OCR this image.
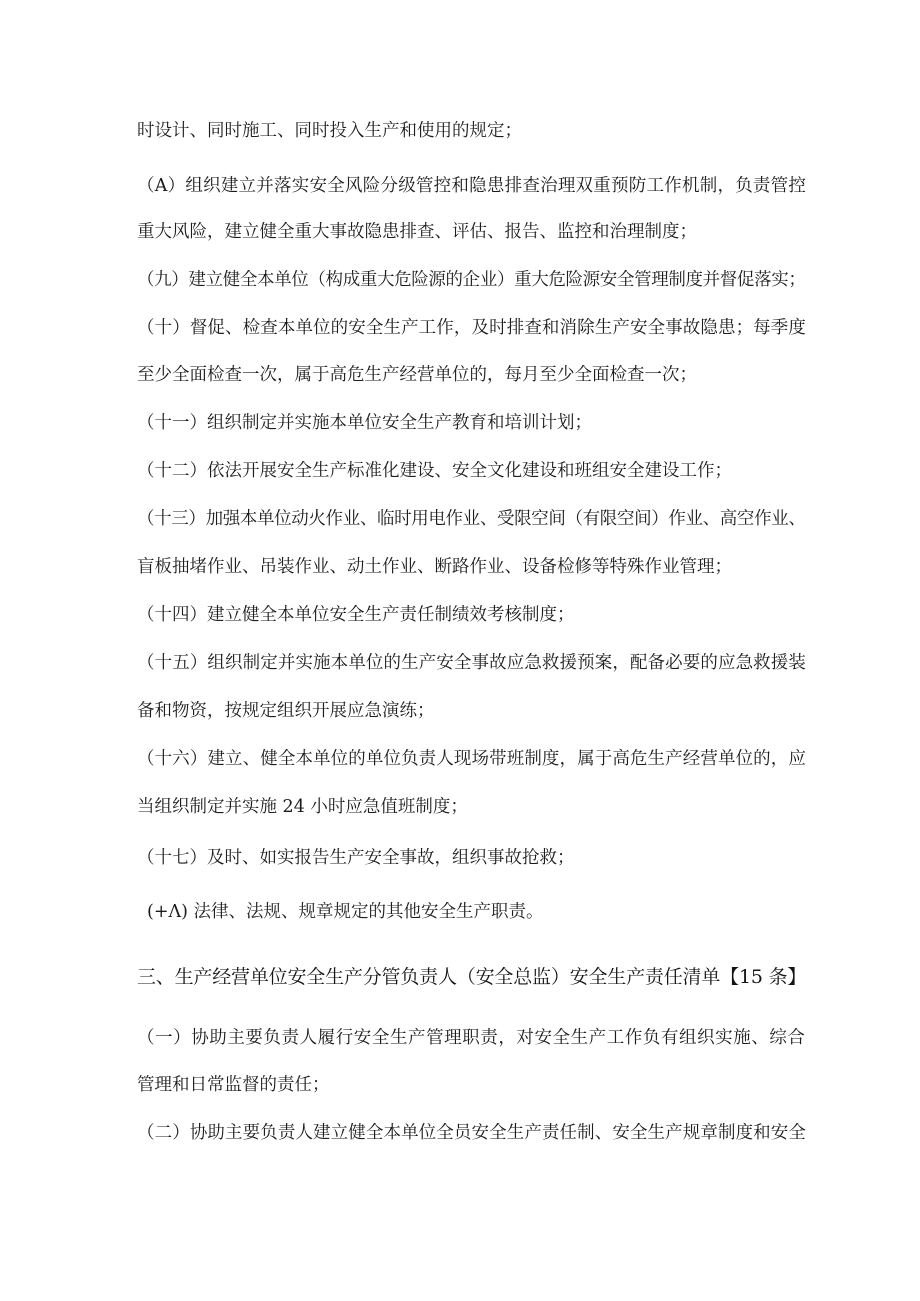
时设计、同时施工、同时投入生产和使用的规定；
（A）组织建立并落实安全风险分级管控和隐患排查治理双重预防工作机制，负责管控
重大风险，建立健全重大事故隐患排查、评估、报告、监控和治理制度；
（九）建立健全本单位（构成重大危险源的企业）重大危险源安全管理制度并督促落实；
（十）督促、检查本单位的安全生产工作，及时排查和消除生产安全事故隐患；每季度
至少全面检查一次，属于高危生产经营单位的，每月至少全面检查一次；
（十一）组织制定并实施本单位安全生产教育和培训计划；
（十二）依法开展安全生产标准化建设、安全文化建设和班组安全建设工作；
（十三）加强本单位动火作业、临时用电作业、受限空间（有限空间）作业、高空作业、
盲板抽堵作业、吊装作业、动土作业、断路作业、设备检修等特殊作业管理；
（十四）建立健全本单位安全生产责任制绩效考核制度；
（十五）组织制定并实施本单位的生产安全事故应急救援预案，配备必要的应急救援装
备和物资，按规定组织开展应急演练；
（十六）建立、健全本单位的单位负责人现场带班制度，属于高危生产经营单位的，应
当组织制定并实施 24 小时应急值班制度；
（十七）及时、如实报告生产安全事故，组织事故抢救；
(+Λ) 法律、法规、规章规定的其他安全生产职责。
三、生产经营单位安全生产分管负责人（安全总监）安全生产责任清单【15 条】
（一）协助主要负责人履行安全生产管理职责，对安全生产工作负有组织实施、综合
管理和日常监督的责任；
（二）协助主要负责人建立健全本单位全员安全生产责任制、安全生产规章制度和安全
